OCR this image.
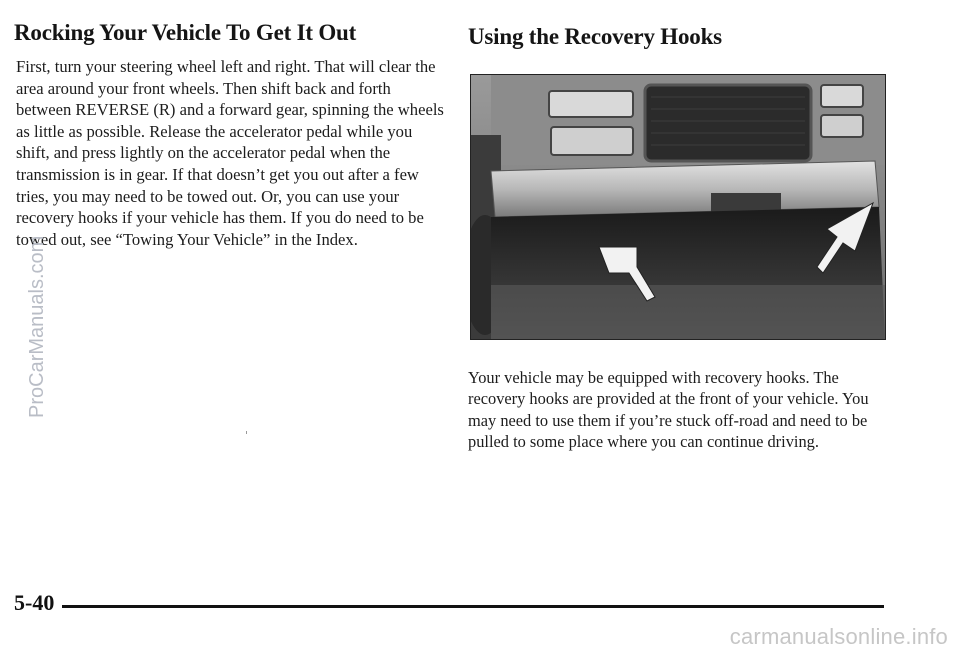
Rocking Your Vehicle To Get It Out

First, turn your steering wheel left and right. That will clear the area around your front wheels. Then shift back and forth between REVERSE (R) and a forward gear, spinning the wheels as little as possible. Release the accelerator pedal while you shift, and press lightly on the accelerator pedal when the transmission is in gear. If that doesn’t get you out after a few tries, you may need to be towed out. Or, you can use your recovery hooks if your vehicle has them. If you do need to be towed out, see “Towing Your Vehicle” in the Index.

Using the Recovery Hooks

Your vehicle may be equipped with recovery hooks. The recovery hooks are provided at the front of your vehicle. You may need to use them if you’re stuck off-road and need to be pulled to some place where you can continue driving.

ProCarManuals.com
5-40
carmanualsonline.info
